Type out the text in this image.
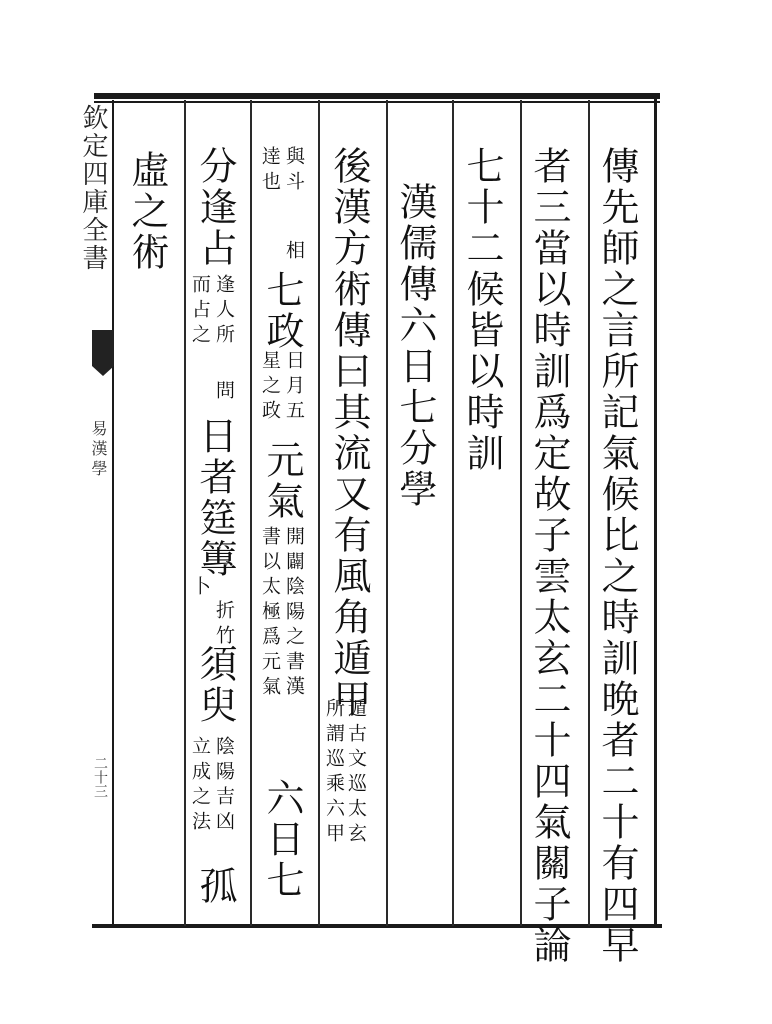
欽定四庫全書
易漢學
二十三	傳先師之言所記氣候比之時訓晩者二十有四早
者三當以時訓爲定故子雲太玄二十四氣關子論
七十二候皆以時訓
漢儒傳六日七分學
後漢方術傳曰其流又有風角遁甲
遁古文巡太玄
所謂巡乘六甲
與斗
逹也
相
七政
日月五
星之政
元氣
開闢陰陽之書漢
書以太極爲元氣
六日七
分逢占
逢人所
而占之
問
日者筳篿
折竹
卜
須臾
陰陽吉凶
立成之法
孤
虛之術
